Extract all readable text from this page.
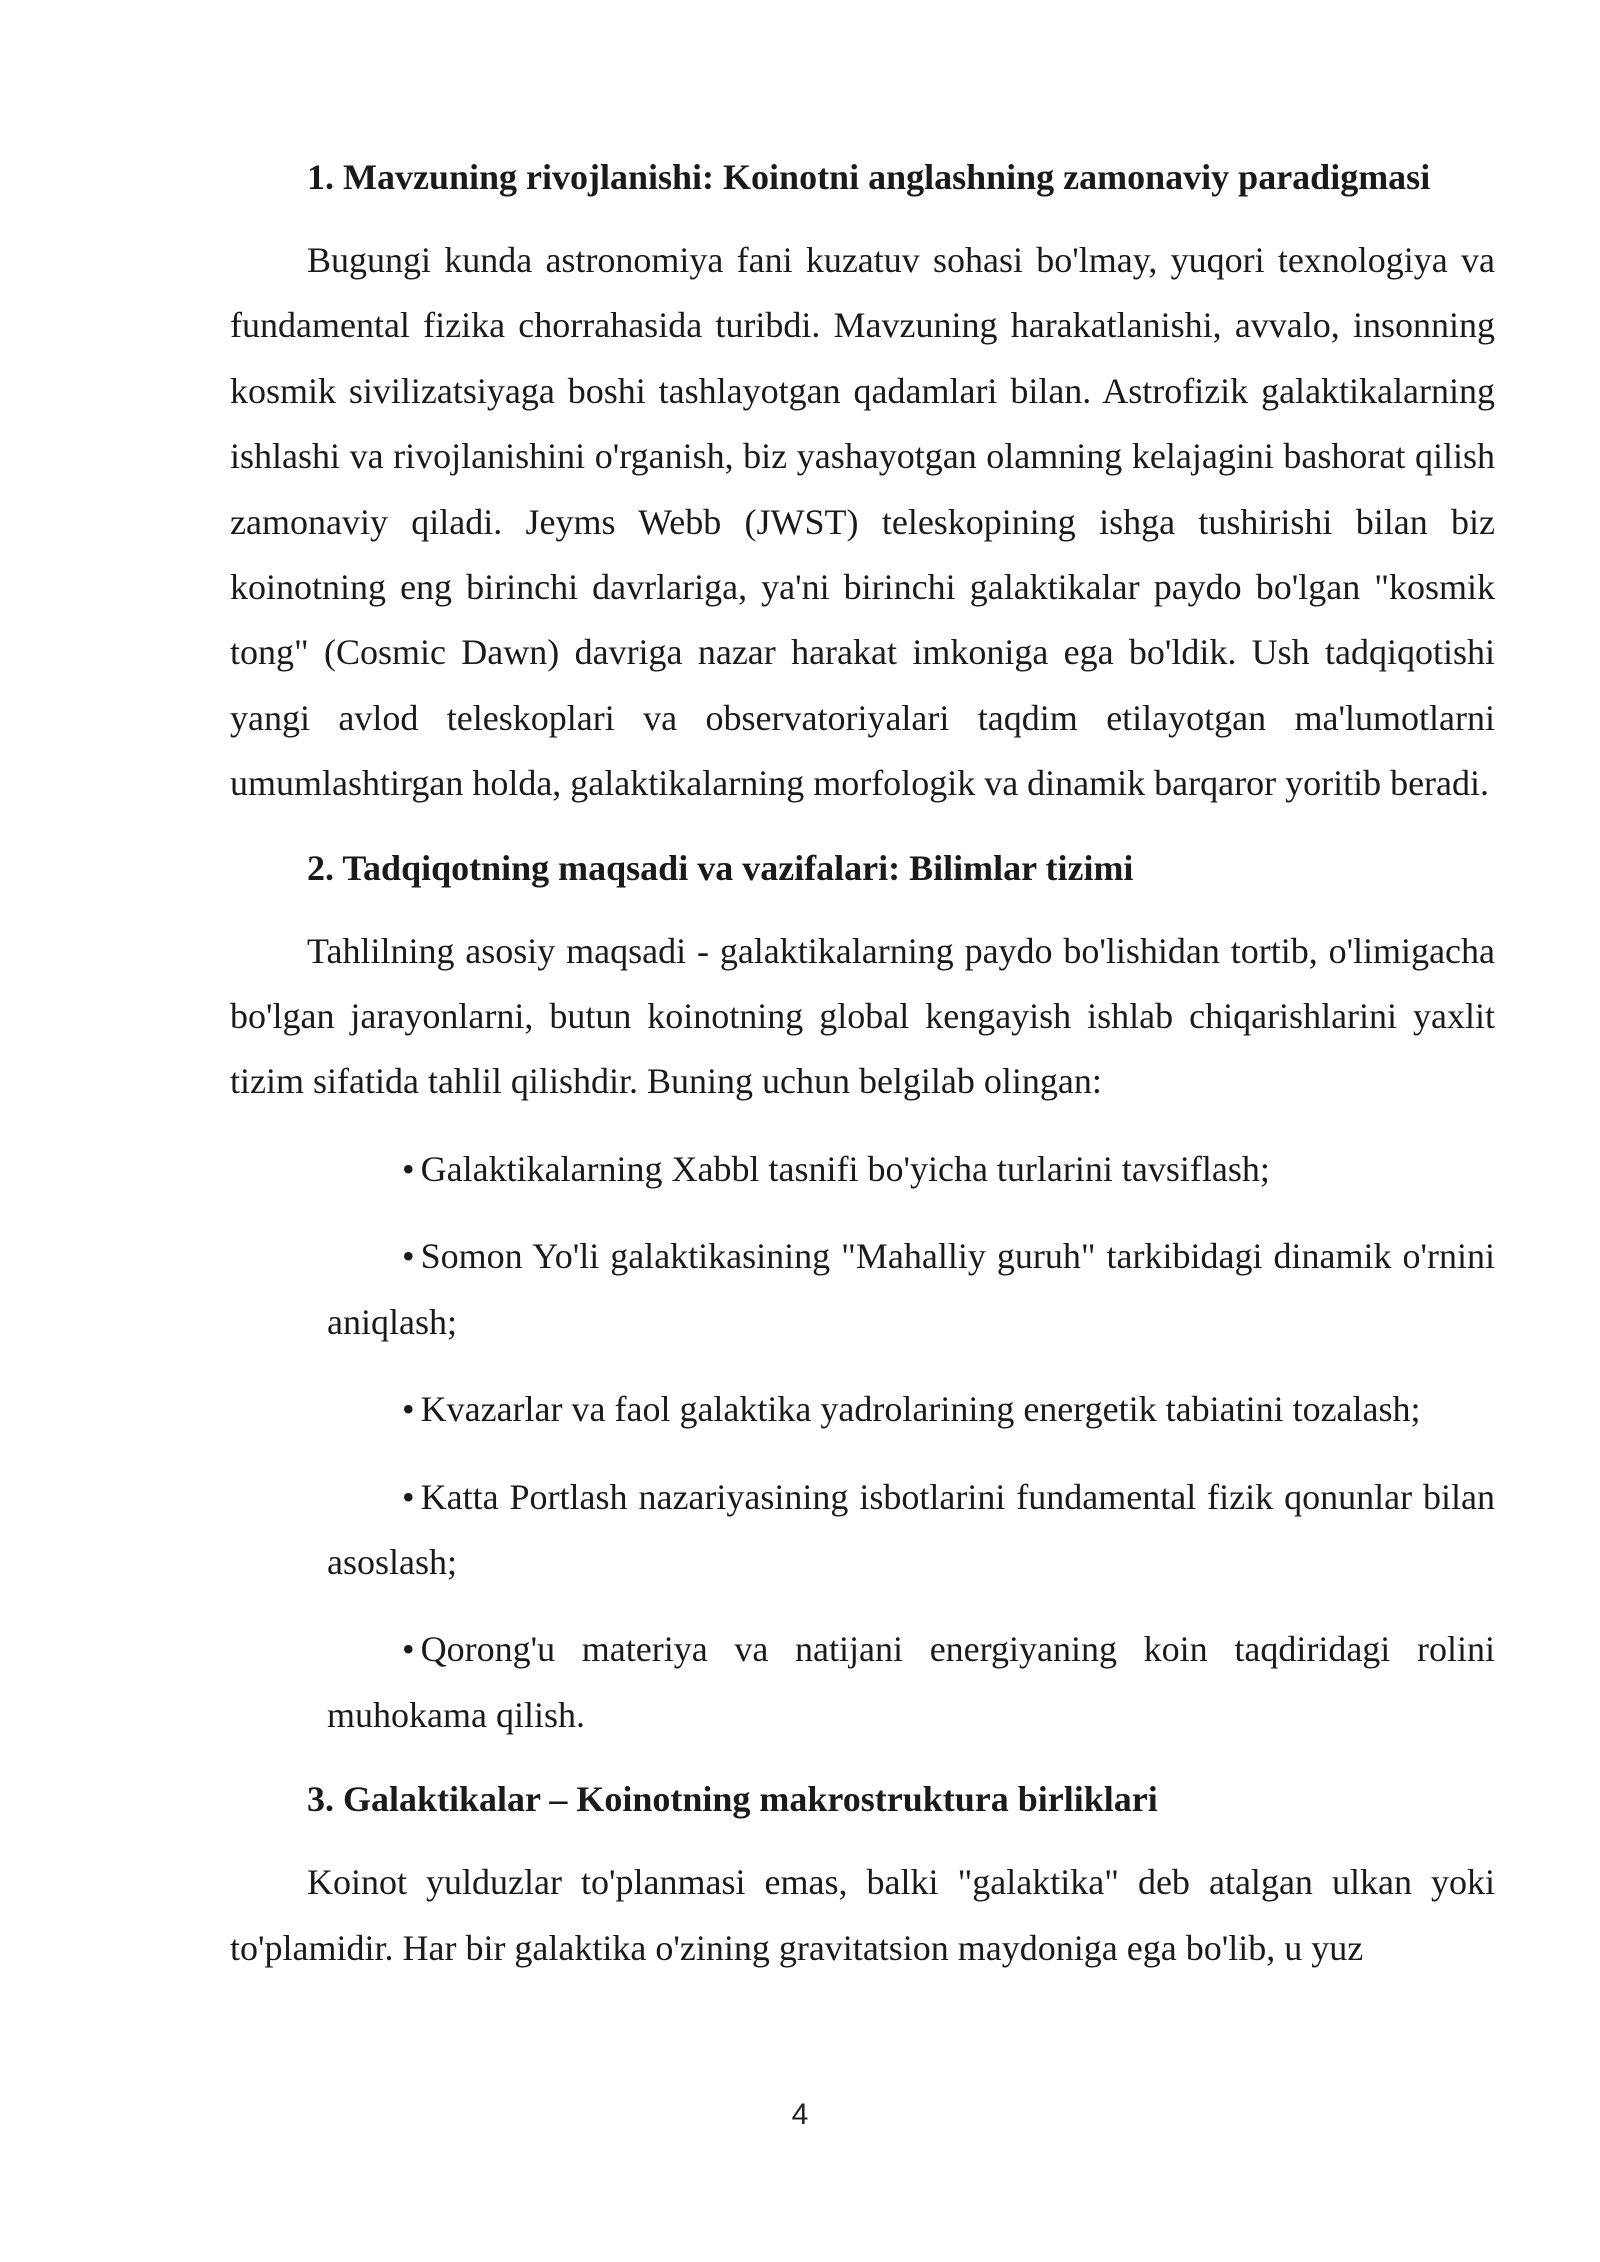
1. Mavzuning rivojlanishi: Koinotni anglashning zamonaviy paradigmasi
Bugungi kunda astronomiya fani kuzatuv sohasi bo'lmay, yuqori texnologiya va fundamental fizika chorrahasida turibdi. Mavzuning harakatlanishi, avvalo, insonning kosmik sivilizatsiyaga boshi tashlayotgan qadamlari bilan. Astrofizik galaktikalarning ishlashi va rivojlanishini o'rganish, biz yashayotgan olamning kelajagini bashorat qilish zamonaviy qiladi. Jeyms Webb (JWST) teleskopining ishga tushirishi bilan biz koinotning eng birinchi davrlariga, ya'ni birinchi galaktikalar paydo bo'lgan "kosmik tong" (Cosmic Dawn) davriga nazar harakat imkoniga ega bo'ldik. Ush tadqiqotishi yangi avlod teleskoplari va observatoriyalari taqdim etilayotgan ma'lumotlarni umumlashtirgan holda, galaktikalarning morfologik va dinamik barqaror yoritib beradi.
2. Tadqiqotning maqsadi va vazifalari: Bilimlar tizimi
Tahlilning asosiy maqsadi - galaktikalarning paydo bo'lishidan tortib, o'limigacha bo'lgan jarayonlarni, butun koinotning global kengayish ishlab chiqarishlarini yaxlit tizim sifatida tahlil qilishdir. Buning uchun belgilab olingan:
• Galaktikalarning Xabbl tasnifi bo'yicha turlarini tavsiflash;
• Somon Yo'li galaktikasining "Mahalliy guruh" tarkibidagi dinamik o'rnini aniqlash;
• Kvazarlar va faol galaktika yadrolarining energetik tabiatini tozalash;
• Katta Portlash nazariyasining isbotlarini fundamental fizik qonunlar bilan asoslash;
• Qorong'u materiya va natijani energiyaning koin taqdiridagi rolini muhokama qilish.
3. Galaktikalar – Koinotning makrostruktura birliklari
Koinot yulduzlar to'planmasi emas, balki "galaktika" deb atalgan ulkan yoki to'plamidir. Har bir galaktika o'zining gravitatsion maydoniga ega bo'lib, u yuz
4
